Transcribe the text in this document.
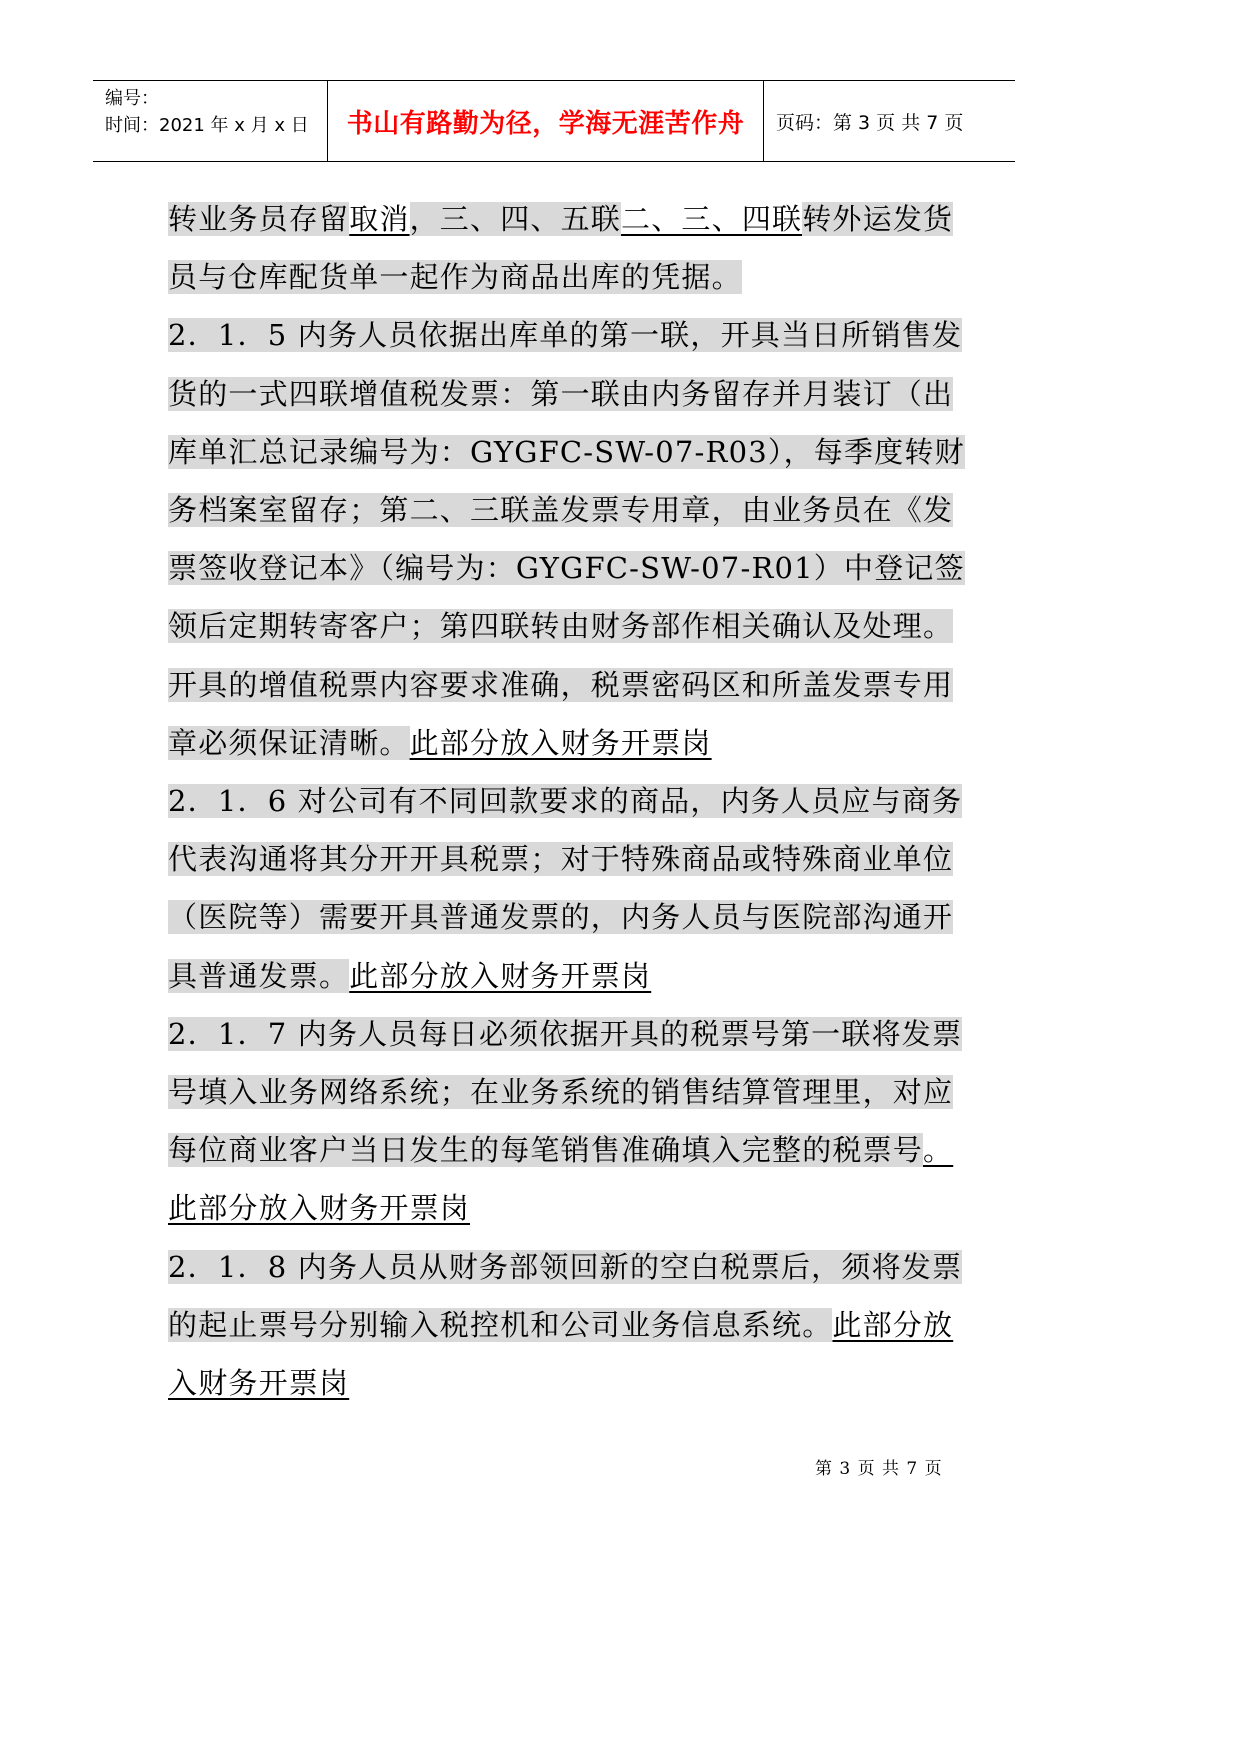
编号：
时间：2021 年 x 月 x 日	书山有路勤为径，学海无涯苦作舟	页码：第 3 页 共 7 页

转业务员存留取消，三、四、五联二、三、四联转外运发货员与仓库配货单一起作为商品出库的凭据。

2．1．5 内务人员依据出库单的第一联，开具当日所销售发货的一式四联增值税发票：第一联由内务留存并月装订（出库单汇总记录编号为：GYGFC-SW-07-R03），每季度转财务档案室留存；第二、三联盖发票专用章，由业务员在《发票签收登记本》（编号为：GYGFC-SW-07-R01）中登记签领后定期转寄客户；第四联转由财务部作相关确认及处理。开具的增值税票内容要求准确，税票密码区和所盖发票专用章必须保证清晰。此部分放入财务开票岗

2．1．6 对公司有不同回款要求的商品，内务人员应与商务代表沟通将其分开开具税票；对于特殊商品或特殊商业单位（医院等）需要开具普通发票的，内务人员与医院部沟通开具普通发票。此部分放入财务开票岗

2．1．7 内务人员每日必须依据开具的税票号第一联将发票号填入业务网络系统；在业务系统的销售结算管理里，对应每位商业客户当日发生的每笔销售准确填入完整的税票号。 此部分放入财务开票岗

2．1．8 内务人员从财务部领回新的空白税票后，须将发票的起止票号分别输入税控机和公司业务信息系统。此部分放入财务开票岗

第 3 页 共 7 页
